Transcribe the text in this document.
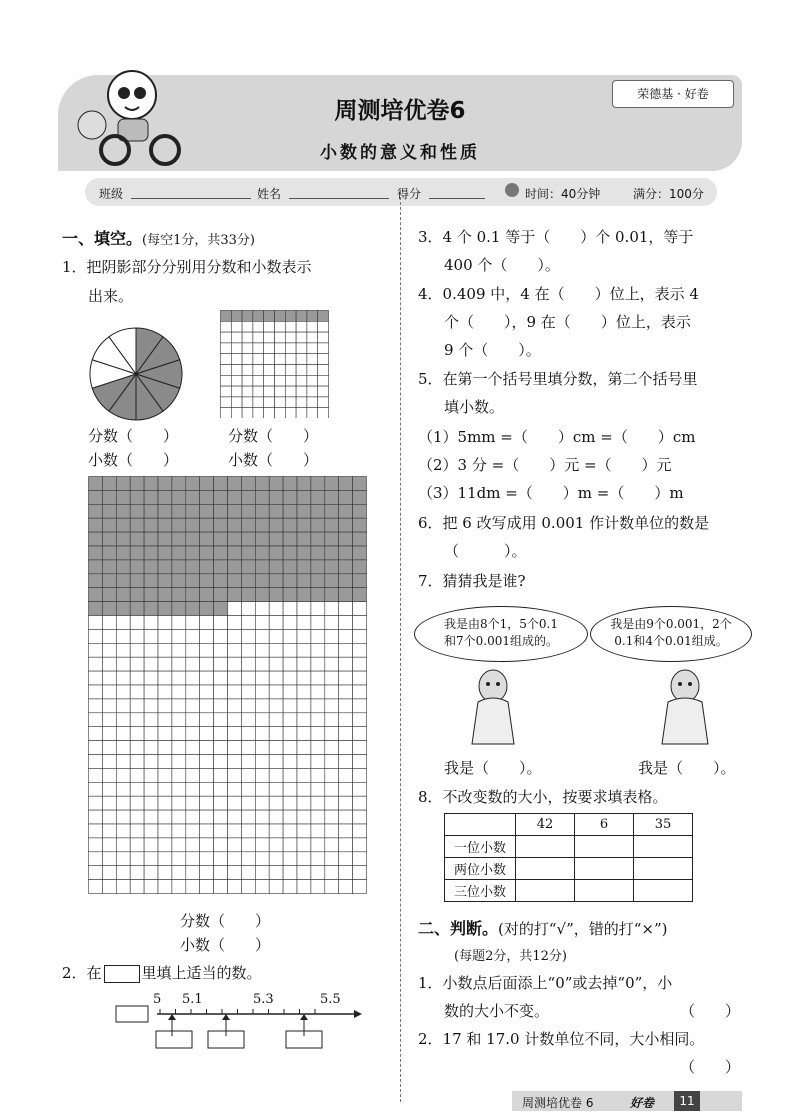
周测培优卷6
小数的意义和性质
荣德基 · 好卷
班级	姓名	得分	时间：40分钟	满分：100分
一、填空。(每空1分，共33分)
1．把阴影部分分别用分数和小数表示
出来。
分数（　　）
小数（　　）
分数（　　）
小数（　　）
分数（　　）
小数（　　）
2．在	里填上适当的数。
5 5.1	5.3	5.5
3．4 个 0.1 等于（　　）个 0.01，等于
400 个（　　）。
4．0.409 中，4 在（　　）位上，表示 4
个（　　），9 在（　　）位上，表示
9 个（　　）。
5．在第一个括号里填分数，第二个括号里
填小数。
（1）5mm =（　　）cm =（　　）cm
（2）3 分 =（　　）元 =（　　）元
（3）11dm =（　　）m =（　　）m
6．把 6 改写成用 0.001 作计数单位的数是
（　　　）。
7．猜猜我是谁?
我是由8个1，5个0.1
和7个0.001组成的。
我是由9个0.001，2个
0.1和4个0.01组成。
我是（　　）。	我是（　　）。
8．不改变数的大小，按要求填表格。
	42	6	35
一位小数			
两位小数			
三位小数			
二、判断。(对的打“√”，错的打“×”)
(每题2分，共12分)
1．小数点后面添上“0”或去掉“0”，小
数的大小不变。	（　　）
2．17 和 17.0 计数单位不同，大小相同。
（　　）
周测培优卷 6	好卷	11
